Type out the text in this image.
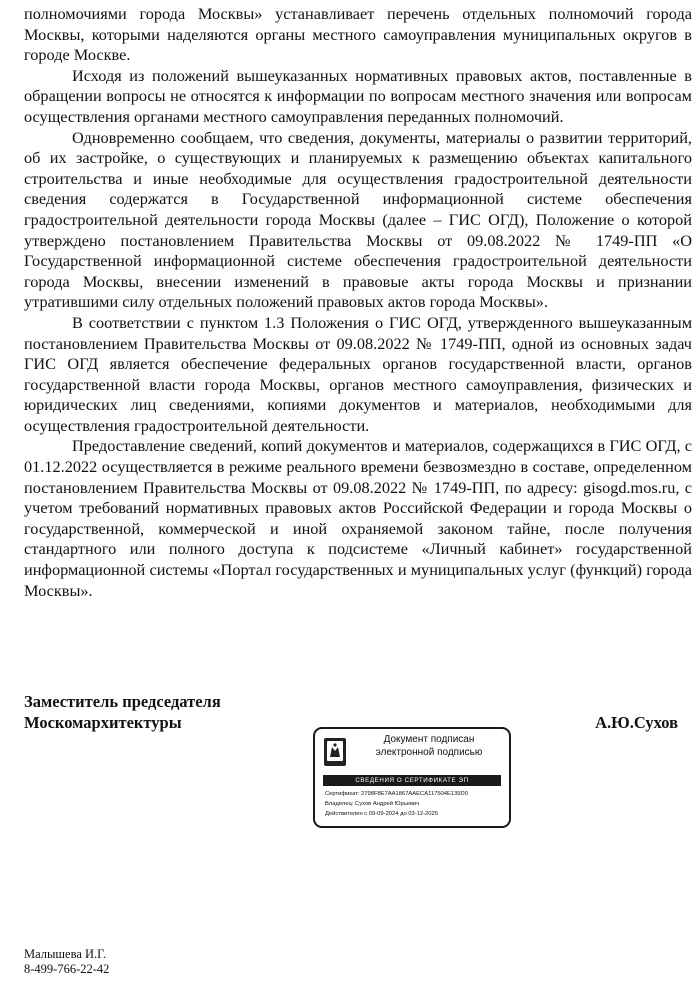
полномочиями города Москвы» устанавливает перечень отдельных полномочий города Москвы, которыми наделяются органы местного самоуправления муниципальных округов в городе Москве.

Исходя из положений вышеуказанных нормативных правовых актов, поставленные в обращении вопросы не относятся к информации по вопросам местного значения или вопросам осуществления органами местного самоуправления переданных полномочий.

Одновременно сообщаем, что сведения, документы, материалы о развитии территорий, об их застройке, о существующих и планируемых к размещению объектах капитального строительства и иные необходимые для осуществления градостроительной деятельности сведения содержатся в Государственной информационной системе обеспечения градостроительной деятельности города Москвы (далее – ГИС ОГД), Положение о которой утверждено постановлением Правительства Москвы от 09.08.2022 № 1749-ПП «О Государственной информационной системе обеспечения градостроительной деятельности города Москвы, внесении изменений в правовые акты города Москвы и признании утратившими силу отдельных положений правовых актов города Москвы».

В соответствии с пунктом 1.3 Положения о ГИС ОГД, утвержденного вышеуказанным постановлением Правительства Москвы от 09.08.2022 № 1749-ПП, одной из основных задач ГИС ОГД является обеспечение федеральных органов государственной власти, органов государственной власти города Москвы, органов местного самоуправления, физических и юридических лиц сведениями, копиями документов и материалов, необходимыми для осуществления градостроительной деятельности.

Предоставление сведений, копий документов и материалов, содержащихся в ГИС ОГД, с 01.12.2022 осуществляется в режиме реального времени безвозмездно в составе, определенном постановлением Правительства Москвы от 09.08.2022 № 1749-ПП, по адресу: gisogd.mos.ru, с учетом требований нормативных правовых актов Российской Федерации и города Москвы о государственной, коммерческой и иной охраняемой законом тайне, после получения стандартного или полного доступа к подсистеме «Личный кабинет» государственной информационной системы «Портал государственных и муниципальных услуг (функций) города Москвы».

Заместитель председателя

Москомархитектуры	А.Ю.Сухов
Документ подписан
электронной подписью
СВЕДЕНИЯ О СЕРТИФИКАТЕ ЭП
Сертификат: 2798F8E7AA1867AAECA117504E139D0
Владелец: Сухов Андрей Юрьевич
Действителен с 09-09-2024 до 03-12-2025
Малышева И.Г.
8-499-766-22-42
